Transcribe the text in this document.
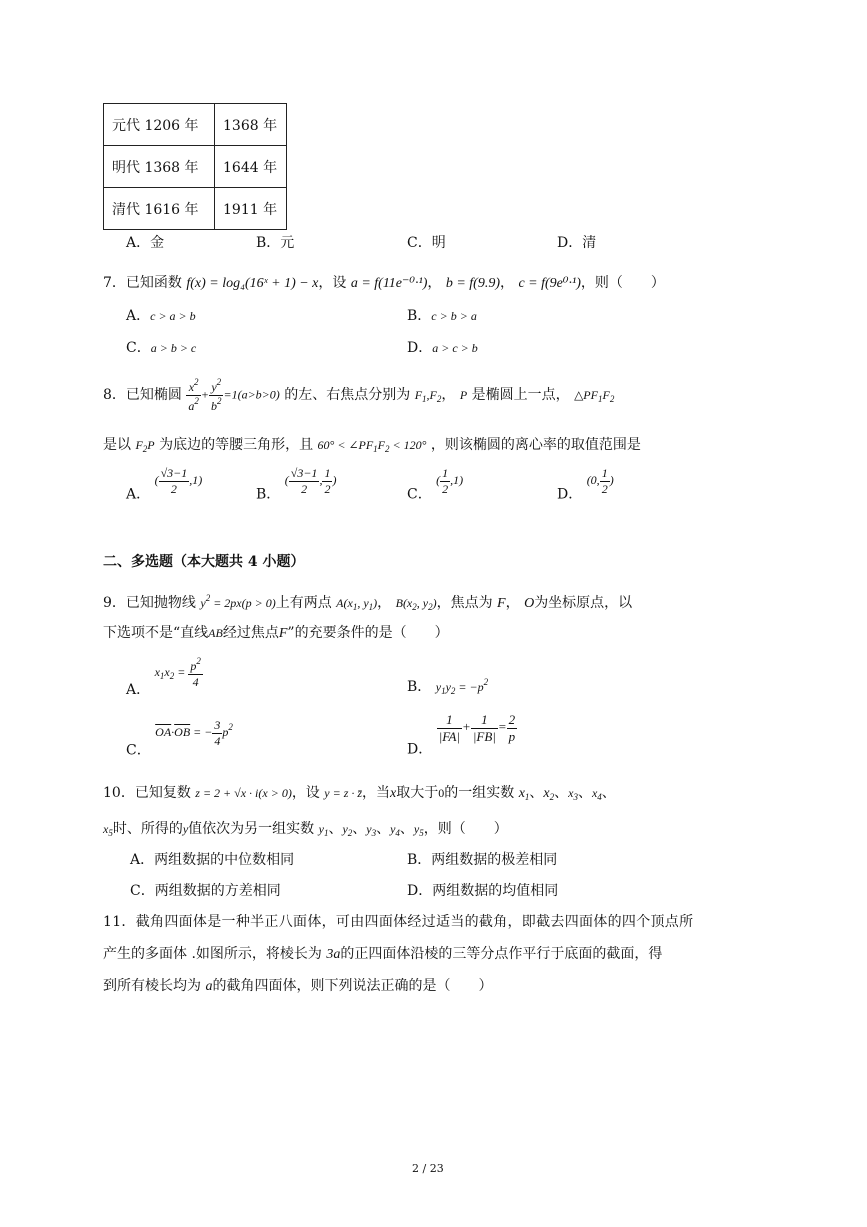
元代 1206 年	1368 年
明代 1368 年	1644 年
清代 1616 年	1911 年
A．金	B．元	C．明	D．清
7．已知函数 f(x) = log₄(16ˣ + 1) − x，设 a = f(11e⁻⁰·¹)， b = f(9.9)， c = f(9e⁰·¹)，则（　　）
A．c > a > b	B．c > b > a
C．a > b > c	D．a > c > b
8．已知椭圆 $\frac{x^2}{a^2} + \frac{y^2}{b^2} =1(a>b>0)$ 的左、右焦点分别为 $F_1,F_2$， P 是椭圆上一点， $\triangle PF_1F_2$
是以 $F_2P$ 为底边的等腰三角形，且 $60^\circ < \angle PF_1F_2 < 120^\circ$ ，则该椭圆的离心率的取值范围是
A． ( $\frac{√3-1}{2} ,1$)
B． ( $\frac{√3-1}{2}$ , $\frac{1}{2}$ )
C． ( $\frac{1}{2} ,1$)
D． (0, $\frac{1}{2}$ )
二、多选题（本大题共 4 小题）
9．已知抛物线 $y^2 = 2px(p > 0)$上有两点 $A(x_1$, $y_1$)， $B(x_2$, $y_2$)，焦点为 F， O为坐标原点，以
下选项不是“直线AB经过焦点F”的充要条件的是（　　）
A． $x_1x_2 = \frac{p^2}{4}$	B． $y_1y_2 = -p^2$
C． $\overline{OA}\cdot\overline{OB}$ = − $\frac{3}{4} p^2$
D．
$\frac{1}{|FA|} + \frac{1}{|FB|} = \frac{2}{p}$
10．已知复数 z = 2 + √x · i(x > 0)，设 y = z · z̄，当x取大于0的一组实数 $x_1$、$x_2$、$x_3$、$x_4$、
$x_5$时、所得的y值依次为另一组实数 $y_1$、$y_2$、$y_3$、$y_4$、$y_5$，则（　　）
A．两组数据的中位数相同	B．两组数据的极差相同
C．两组数据的方差相同	D．两组数据的均值相同
11．截角四面体是一种半正八面体，可由四面体经过适当的截角，即截去四面体的四个顶点所
产生的多面体 .如图所示，将棱长为 3a的正四面体沿棱的三等分点作平行于底面的截面，得
到所有棱长均为 a的截角四面体，则下列说法正确的是（　　）
2 / 23
